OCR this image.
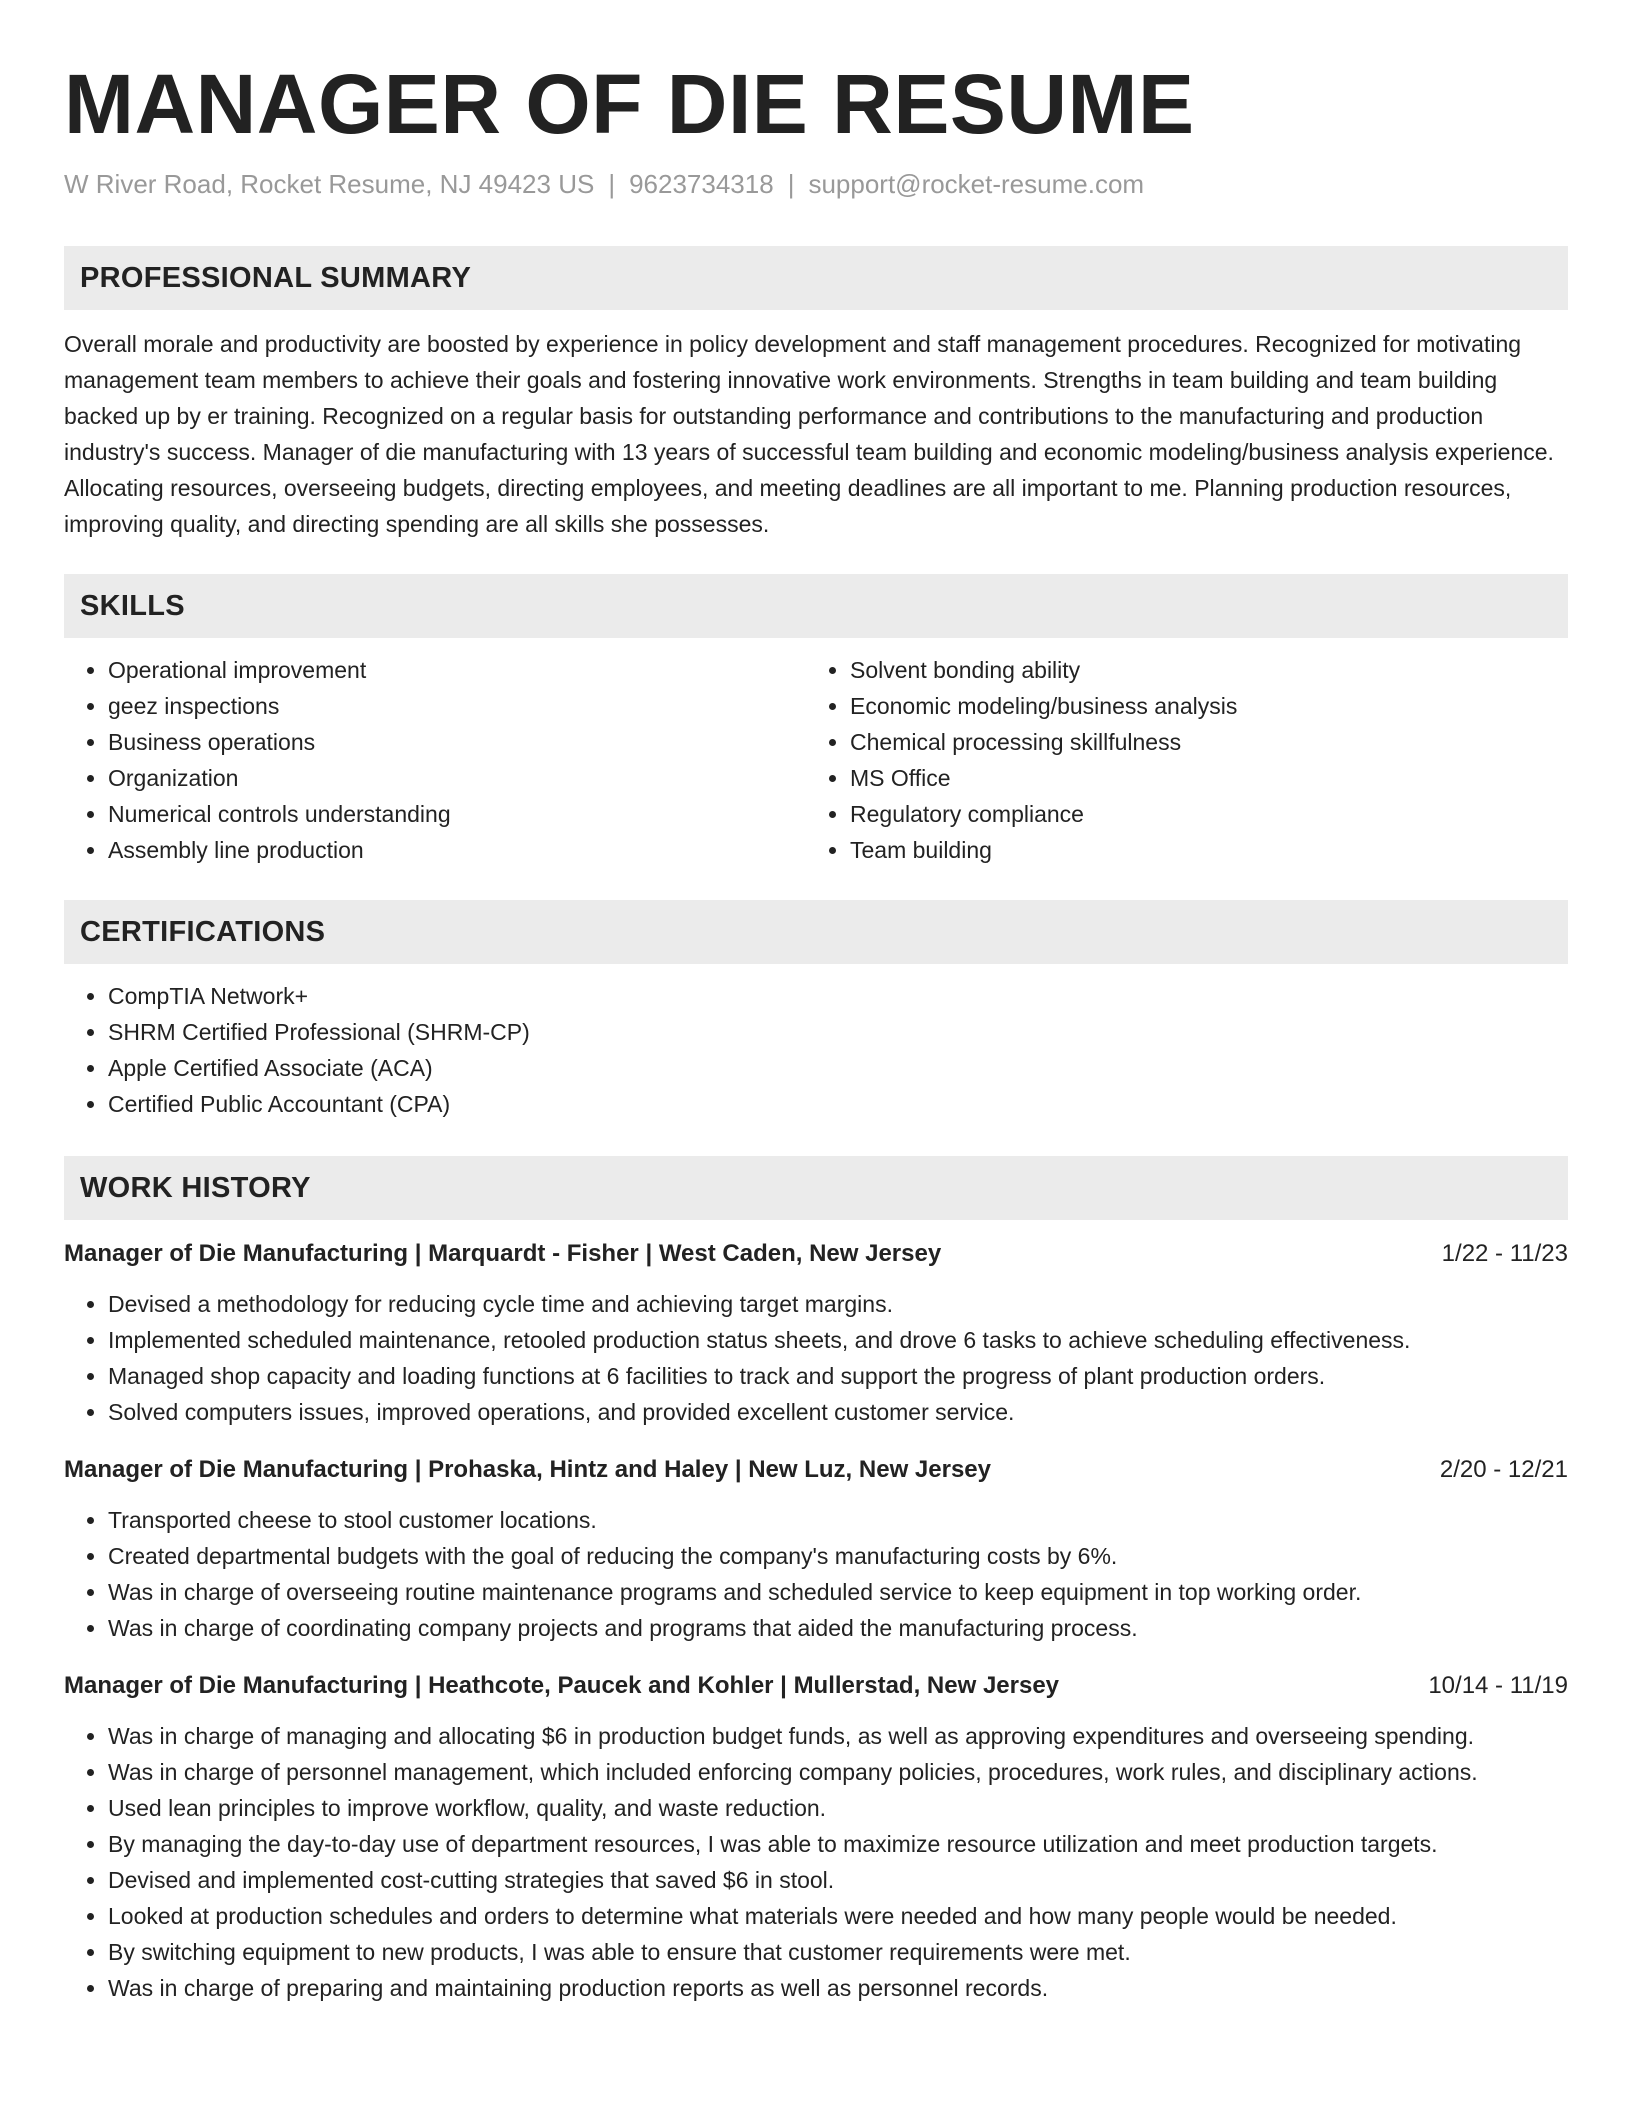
MANAGER OF DIE RESUME
W River Road, Rocket Resume, NJ 49423 US | 9623734318 | support@rocket-resume.com
PROFESSIONAL SUMMARY

Overall morale and productivity are boosted by experience in policy development and staff management procedures. Recognized for motivating management team members to achieve their goals and fostering innovative work environments. Strengths in team building and team building backed up by er training. Recognized on a regular basis for outstanding performance and contributions to the manufacturing and production industry's success. Manager of die manufacturing with 13 years of successful team building and economic modeling/business analysis experience. Allocating resources, overseeing budgets, directing employees, and meeting deadlines are all important to me. Planning production resources, improving quality, and directing spending are all skills she possesses.

SKILLS
• Operational improvement
• geez inspections
• Business operations
• Organization
• Numerical controls understanding
• Assembly line production
• Solvent bonding ability
• Economic modeling/business analysis
• Chemical processing skillfulness
• MS Office
• Regulatory compliance
• Team building
CERTIFICATIONS
• CompTIA Network+
• SHRM Certified Professional (SHRM-CP)
• Apple Certified Associate (ACA)
• Certified Public Accountant (CPA)
WORK HISTORY
Manager of Die Manufacturing | Marquardt - Fisher | West Caden, New Jersey	1/22 - 11/23
• Devised a methodology for reducing cycle time and achieving target margins.
• Implemented scheduled maintenance, retooled production status sheets, and drove 6 tasks to achieve scheduling effectiveness.
• Managed shop capacity and loading functions at 6 facilities to track and support the progress of plant production orders.
• Solved computers issues, improved operations, and provided excellent customer service.
Manager of Die Manufacturing | Prohaska, Hintz and Haley | New Luz, New Jersey	2/20 - 12/21
• Transported cheese to stool customer locations.
• Created departmental budgets with the goal of reducing the company's manufacturing costs by 6%.
• Was in charge of overseeing routine maintenance programs and scheduled service to keep equipment in top working order.
• Was in charge of coordinating company projects and programs that aided the manufacturing process.
Manager of Die Manufacturing | Heathcote, Paucek and Kohler | Mullerstad, New Jersey	10/14 - 11/19
• Was in charge of managing and allocating $6 in production budget funds, as well as approving expenditures and overseeing spending.
• Was in charge of personnel management, which included enforcing company policies, procedures, work rules, and disciplinary actions.
• Used lean principles to improve workflow, quality, and waste reduction.
• By managing the day-to-day use of department resources, I was able to maximize resource utilization and meet production targets.
• Devised and implemented cost-cutting strategies that saved $6 in stool.
• Looked at production schedules and orders to determine what materials were needed and how many people would be needed.
• By switching equipment to new products, I was able to ensure that customer requirements were met.
• Was in charge of preparing and maintaining production reports as well as personnel records.
